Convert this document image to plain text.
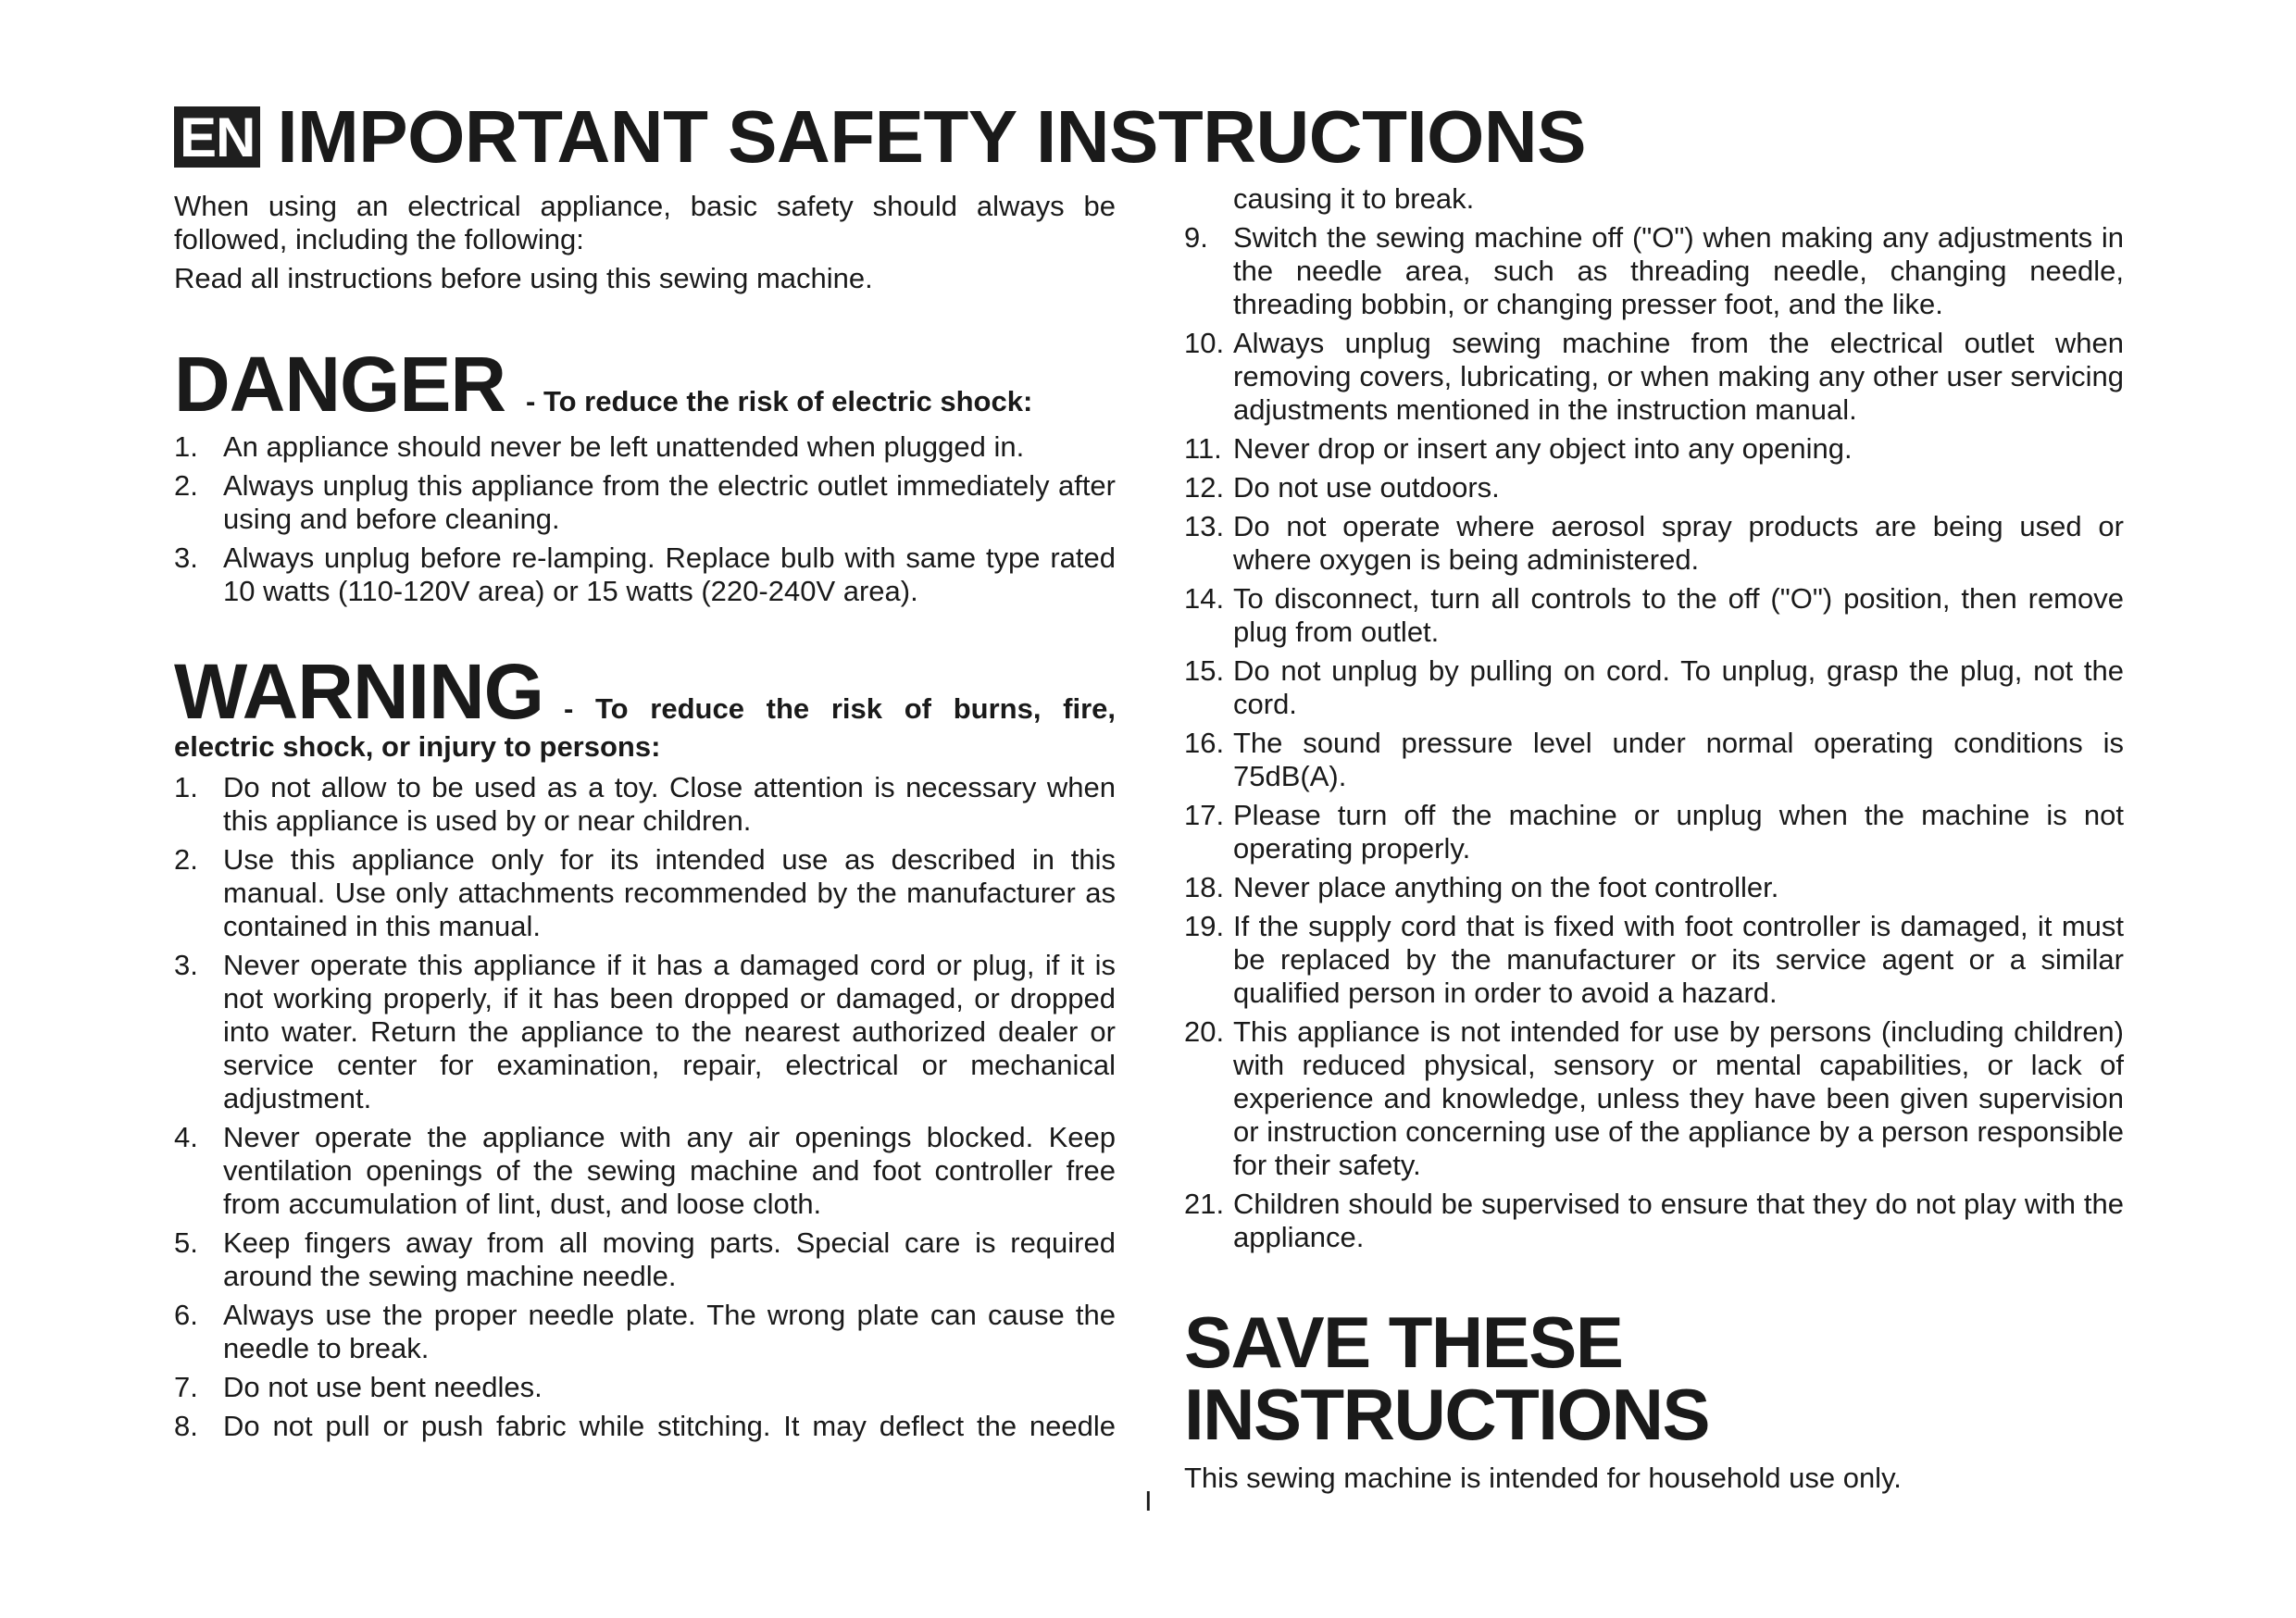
EN IMPORTANT SAFETY INSTRUCTIONS

When using an electrical appliance, basic safety should always be followed, including the following:

Read all instructions before using this sewing machine.

DANGER - To reduce the risk of electric shock:
1. An appliance should never be left unattended when plugged in.
2. Always unplug this appliance from the electric outlet immediately after using and before cleaning.
3. Always unplug before re-lamping. Replace bulb with same type rated 10 watts (110-120V area) or 15 watts (220-240V area).
WARNING - To reduce the risk of burns, fire, electric shock, or injury to persons:
1. Do not allow to be used as a toy. Close attention is necessary when this appliance is used by or near children.
2. Use this appliance only for its intended use as described in this manual. Use only attachments recommended by the manufacturer as contained in this manual.
3. Never operate this appliance if it has a damaged cord or plug, if it is not working properly, if it has been dropped or damaged, or dropped into water. Return the appliance to the nearest authorized dealer or service center for examination, repair, electrical or mechanical adjustment.
4. Never operate the appliance with any air openings blocked. Keep ventilation openings of the sewing machine and foot controller free from accumulation of lint, dust, and loose cloth.
5. Keep fingers away from all moving parts. Special care is required around the sewing machine needle.
6. Always use the proper needle plate. The wrong plate can cause the needle to break.
7. Do not use bent needles.
8. Do not pull or push fabric while stitching. It may deflect the needle
causing it to break.
9. Switch the sewing machine off ("O") when making any adjustments in the needle area, such as threading needle, changing needle, threading bobbin, or changing presser foot, and the like.
10. Always unplug sewing machine from the electrical outlet when removing covers, lubricating, or when making any other user servicing adjustments mentioned in the instruction manual.
11. Never drop or insert any object into any opening.
12. Do not use outdoors.
13. Do not operate where aerosol spray products are being used or where oxygen is being administered.
14. To disconnect, turn all controls to the off ("O") position, then remove plug from outlet.
15. Do not unplug by pulling on cord. To unplug, grasp the plug, not the cord.
16. The sound pressure level under normal operating conditions is 75dB(A).
17. Please turn off the machine or unplug when the machine is not operating properly.
18. Never place anything on the foot controller.
19. If the supply cord that is fixed with foot controller is damaged, it must be replaced by the manufacturer or its service agent or a similar qualified person in order to avoid a hazard.
20. This appliance is not intended for use by persons (including children) with reduced physical, sensory or mental capabilities, or lack of experience and knowledge, unless they have been given supervision or instruction concerning use of the appliance by a person responsible for their safety.
21. Children should be supervised to ensure that they do not play with the appliance.
SAVE THESE INSTRUCTIONS

This sewing machine is intended for household use only.

I
